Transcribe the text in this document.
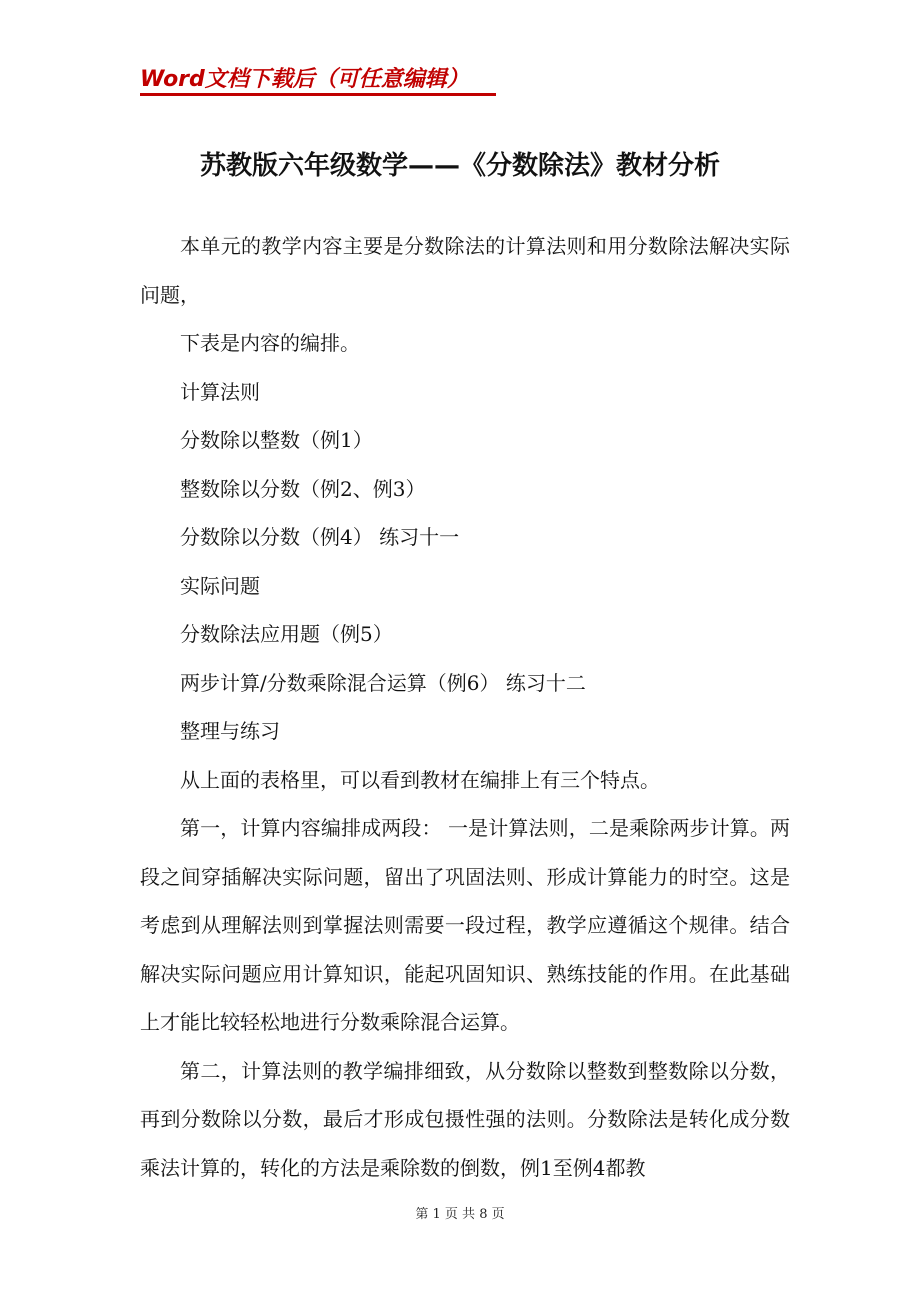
Word文档下载后（可任意编辑）
苏教版六年级数学——《分数除法》教材分析

本单元的教学内容主要是分数除法的计算法则和用分数除法解决实际问题，

下表是内容的编排。

计算法则

分数除以整数（例1）

整数除以分数（例2、例3）

分数除以分数（例4） 练习十一

实际问题

分数除法应用题（例5）

两步计算/分数乘除混合运算（例6） 练习十二

整理与练习

从上面的表格里，可以看到教材在编排上有三个特点。

第一，计算内容编排成两段： 一是计算法则，二是乘除两步计算。两段之间穿插解决实际问题，留出了巩固法则、形成计算能力的时空。这是考虑到从理解法则到掌握法则需要一段过程，教学应遵循这个规律。结合解决实际问题应用计算知识，能起巩固知识、熟练技能的作用。在此基础上才能比较轻松地进行分数乘除混合运算。

第二，计算法则的教学编排细致，从分数除以整数到整数除以分数，再到分数除以分数，最后才形成包摄性强的法则。分数除法是转化成分数乘法计算的，转化的方法是乘除数的倒数，例1至例4都教

第 1 页 共 8 页
